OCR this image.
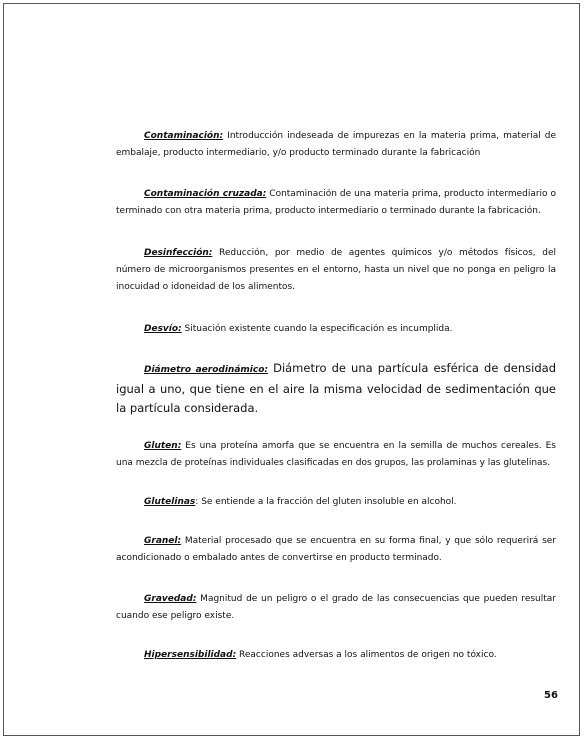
Contaminación: Introducción indeseada de impurezas en la materia prima, material de embalaje, producto intermediario, y/o producto terminado durante la fabricación

Contaminación cruzada: Contaminación de una materia prima, producto intermediario o terminado con otra materia prima, producto intermediario o terminado durante la fabricación.

Desinfección: Reducción, por medio de agentes químicos y/o métodos físicos, del número de microorganismos presentes en el entorno, hasta un nivel que no ponga en peligro la inocuidad o idoneidad de los alimentos.

Desvío: Situación existente cuando la especificación es incumplida.

Diámetro aerodinámico: Diámetro de una partícula esférica de densidad igual a uno, que tiene en el aire la misma velocidad de sedimentación que la partícula considerada.

Gluten: Es una proteína amorfa que se encuentra en la semilla de muchos cereales. Es una mezcla de proteínas individuales clasificadas en dos grupos, las prolaminas y las glutelinas.

Glutelinas: Se entiende a la fracción del gluten insoluble en alcohol.

Granel: Material procesado que se encuentra en su forma final, y que sólo requerirá ser acondicionado o embalado antes de convertirse en producto terminado.

Gravedad: Magnitud de un peligro o el grado de las consecuencias que pueden resultar cuando ese peligro existe.

Hipersensibilidad: Reacciones adversas a los alimentos de origen no tóxico.

56
